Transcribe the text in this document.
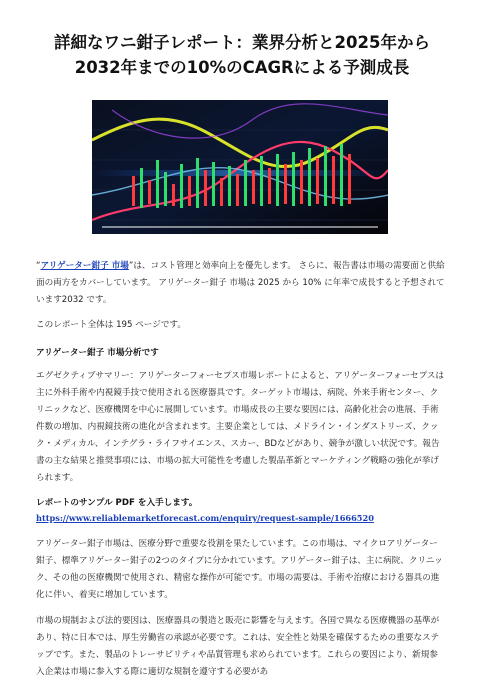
詳細なワニ鉗子レポート：業界分析と2025年から2032年までの10%のCAGRによる予測成長

“アリゲーター鉗子 市場”は、コスト管理と効率向上を優先します。 さらに、報告書は市場の需要面と供給面の両方をカバーしています。 アリゲーター鉗子 市場は 2025 から 10% に年率で成長すると予想されています2032 です。

このレポート全体は 195 ページです。

アリゲーター鉗子 市場分析です

エグゼクティブサマリー：アリゲーターフォーセプス市場レポートによると、アリゲーターフォーセプスは主に外科手術や内視鏡手技で使用される医療器具です。ターゲット市場は、病院、外来手術センター、クリニックなど、医療機関を中心に展開しています。市場成長の主要な要因には、高齢化社会の進展、手術件数の増加、内視鏡技術の進化が含まれます。主要企業としては、メドライン・インダストリーズ、クック・メディカル、インテグラ・ライフサイエンス、スカー、BDなどがあり、競争が激しい状況です。報告書の主な結果と推奨事項には、市場の拡大可能性を考慮した製品革新とマーケティング戦略の強化が挙げられます。

レポートのサンプル PDF を入手します。 https://www.reliablemarketforecast.com/enquiry/request-sample/1666520

アリゲーター鉗子市場は、医療分野で重要な役割を果たしています。この市場は、マイクロアリゲーター鉗子、標準アリゲーター鉗子の2つのタイプに分かれています。アリゲーター鉗子は、主に病院、クリニック、その他の医療機関で使用され、精密な操作が可能です。市場の需要は、手術や治療における器具の進化に伴い、着実に増加しています。

市場の規制および法的要因は、医療器具の製造と販売に影響を与えます。各国で異なる医療機器の基準があり、特に日本では、厚生労働省の承認が必要です。これは、安全性と効果を確保するための重要なステップです。また、製品のトレーサビリティや品質管理も求められています。これらの要因により、新規参入企業は市場に参入する際に適切な規制を遵守する必要があ
